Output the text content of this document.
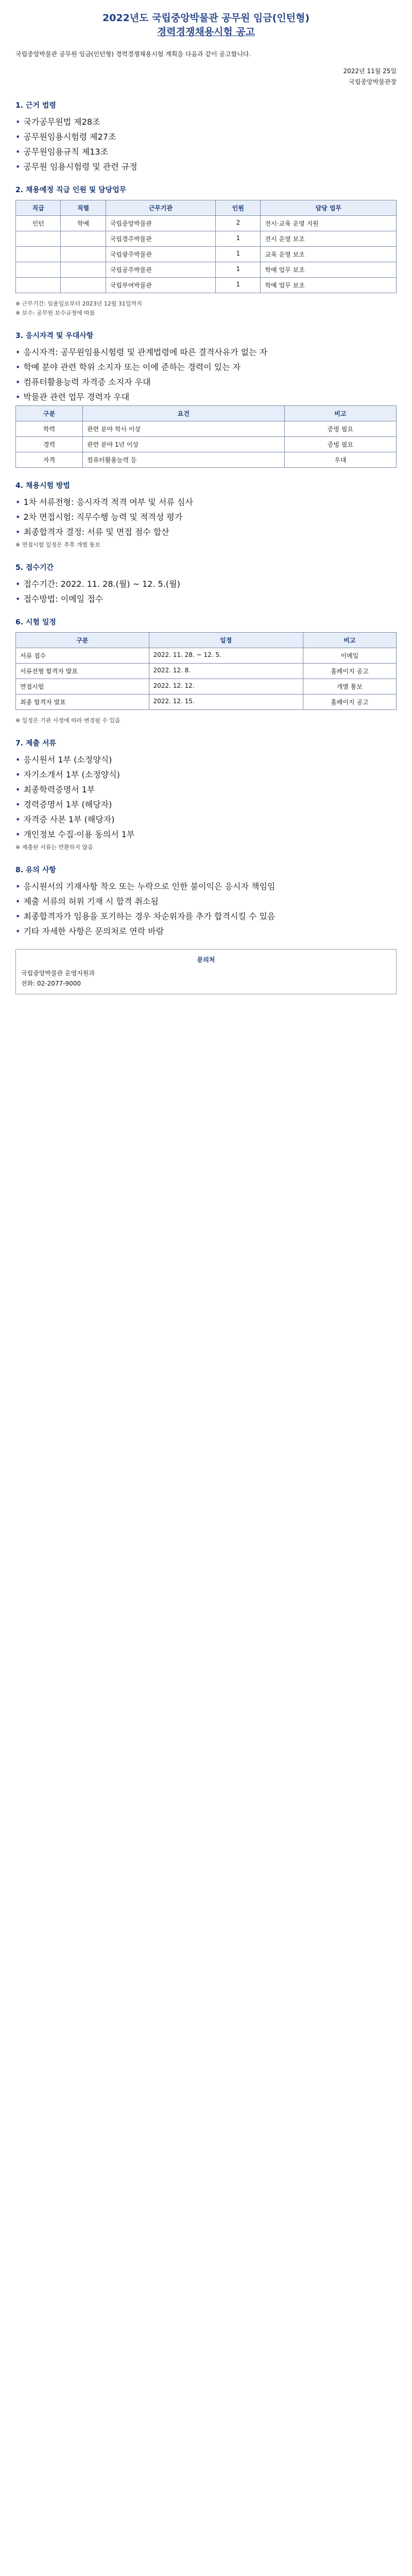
2022년도 국립중앙박물관 공무원 임금(인턴형)
경력경쟁채용시험 공고
국립중앙박물관 공무원 임금(인턴형) 경력경쟁채용시험 계획을 다음과 같이 공고합니다.
2022년 11월 25일
국립중앙박물관장
1. 근거 법령
• 국가공무원법 제28조
• 공무원임용시험령 제27조
• 공무원임용규칙 제13조
• 공무원 임용시험령 및 관련 규정
2. 채용예정 직급 인원 및 담당업무
직급	직렬	근무기관	인원	담당 업무
인턴	학예	국립중앙박물관	2	전시·교육 운영 지원
		국립경주박물관	1	전시 운영 보조
		국립광주박물관	1	교육 운영 보조
		국립공주박물관	1	학예 업무 보조
		국립부여박물관	1	학예 업무 보조
※ 근무기간: 임용일로부터 2023년 12월 31일까지
※ 보수: 공무원 보수규정에 따름
3. 응시자격 및 우대사항
• 응시자격: 공무원임용시험령 및 관계법령에 따른 결격사유가 없는 자
• 학예 분야 관련 학위 소지자 또는 이에 준하는 경력이 있는 자
• 컴퓨터활용능력 자격증 소지자 우대
• 박물관 관련 업무 경력자 우대
구분	요건	비고
학력	관련 분야 학사 이상	증빙 필요
경력	관련 분야 1년 이상	증빙 필요
자격	컴퓨터활용능력 등	우대
4. 채용시험 방법
• 1차 서류전형: 응시자격 적격 여부 및 서류 심사
• 2차 면접시험: 직무수행 능력 및 적격성 평가
• 최종합격자 결정: 서류 및 면접 점수 합산
※ 면접시험 일정은 추후 개별 통보
5. 접수기간
• 접수기간: 2022. 11. 28.(월) ~ 12. 5.(월)
• 접수방법: 이메일 접수
6. 시험 일정
구분	일정	비고
서류 접수	2022. 11. 28. ~ 12. 5.	이메일
서류전형 합격자 발표	2022. 12. 8.	홈페이지 공고
면접시험	2022. 12. 12.	개별 통보
최종 합격자 발표	2022. 12. 15.	홈페이지 공고
※ 일정은 기관 사정에 따라 변경될 수 있음
7. 제출 서류
• 응시원서 1부 (소정양식)
• 자기소개서 1부 (소정양식)
• 최종학력증명서 1부
• 경력증명서 1부 (해당자)
• 자격증 사본 1부 (해당자)
• 개인정보 수집·이용 동의서 1부
※ 제출된 서류는 반환하지 않음
8. 유의 사항
• 응시원서의 기재사항 착오 또는 누락으로 인한 불이익은 응시자 책임임
• 제출 서류의 허위 기재 시 합격 취소됨
• 최종합격자가 임용을 포기하는 경우 차순위자를 추가 합격시킬 수 있음
• 기타 자세한 사항은 문의처로 연락 바람
문의처
국립중앙박물관 운영지원과
전화: 02-2077-9000
